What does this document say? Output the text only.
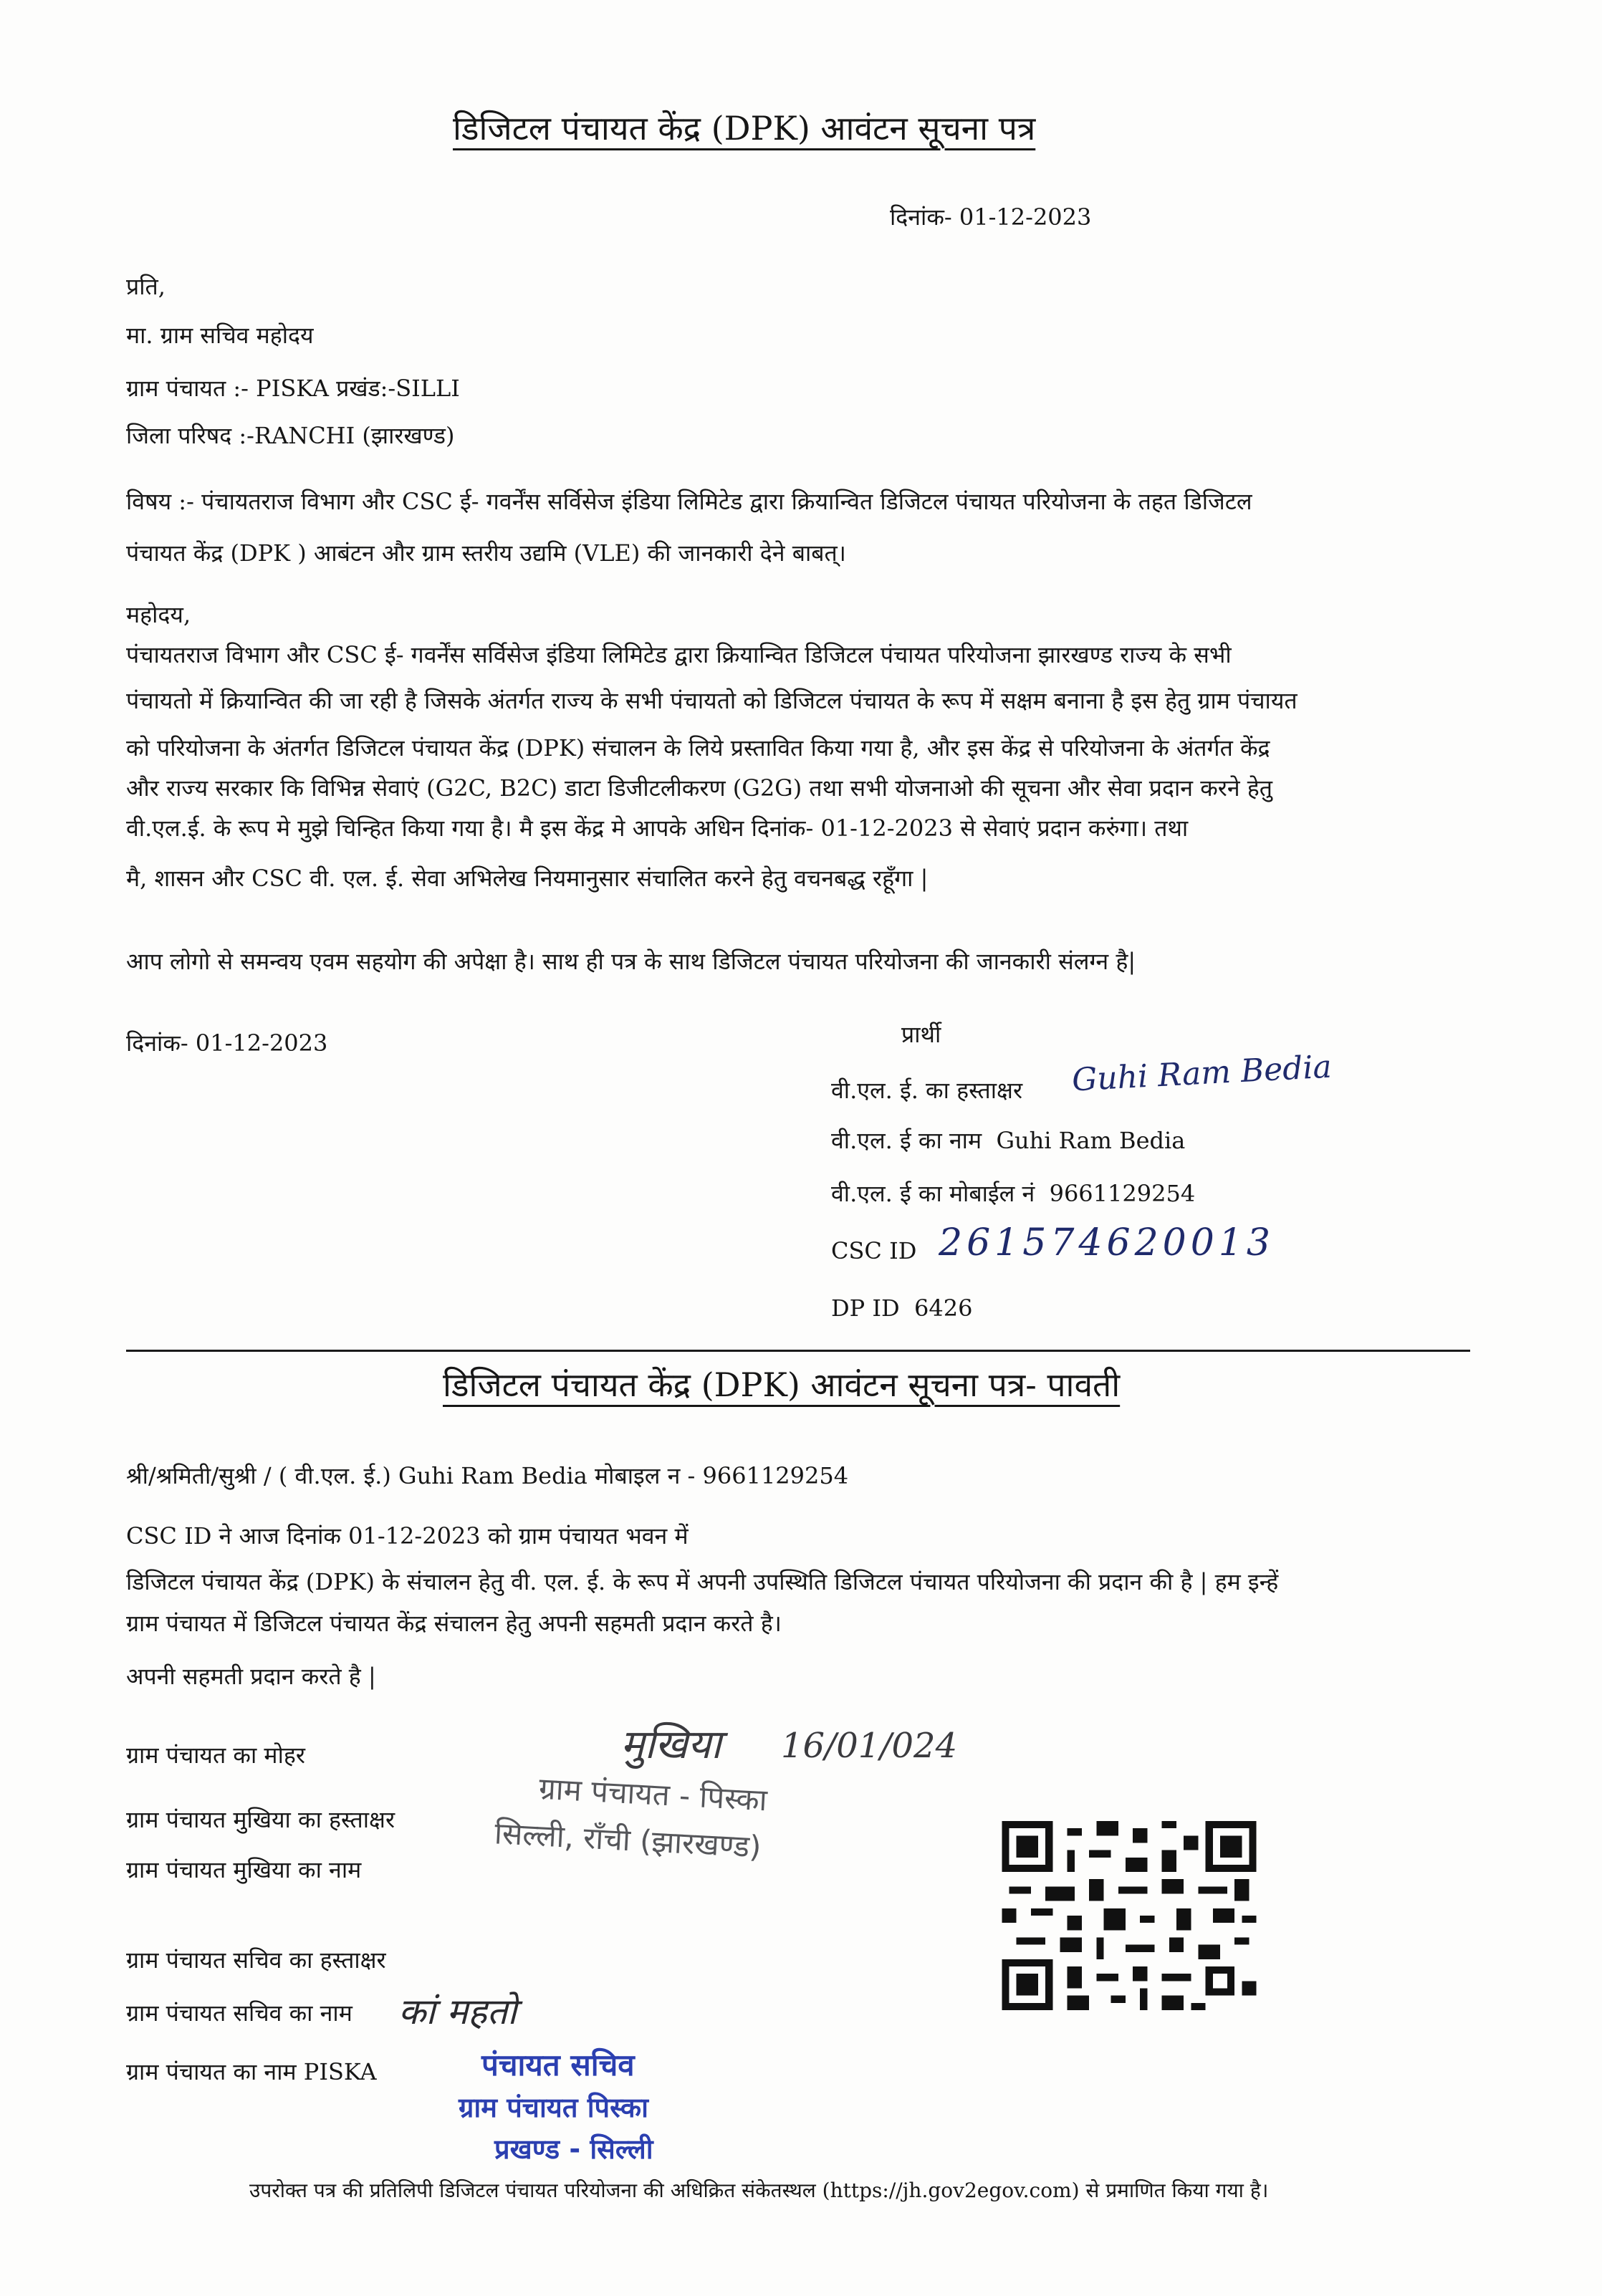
डिजिटल पंचायत केंद्र (DPK) आवंटन सूचना पत्र
दिनांक- 01-12-2023
प्रति,
मा. ग्राम सचिव महोदय
ग्राम पंचायत :- PISKA प्रखंड:-SILLI
जिला परिषद :-RANCHI (झारखण्ड)
विषय :- पंचायतराज विभाग और CSC ई- गवर्नेंस सर्विसेज इंडिया लिमिटेड द्वारा क्रियान्वित डिजिटल पंचायत परियोजना के तहत डिजिटल
पंचायत केंद्र (DPK ) आबंटन और ग्राम स्तरीय उद्यमि (VLE) की जानकारी देने बाबत्।
महोदय,
पंचायतराज विभाग और CSC ई- गवर्नेंस सर्विसेज इंडिया लिमिटेड द्वारा क्रियान्वित डिजिटल पंचायत परियोजना झारखण्ड राज्य के सभी
पंचायतो में क्रियान्वित की जा रही है जिसके अंतर्गत राज्य के सभी पंचायतो को डिजिटल पंचायत के रूप में सक्षम बनाना है इस हेतु ग्राम पंचायत
को परियोजना के अंतर्गत डिजिटल पंचायत केंद्र (DPK) संचालन के लिये प्रस्तावित किया गया है, और इस केंद्र से परियोजना के अंतर्गत केंद्र
और राज्य सरकार कि विभिन्न सेवाएं (G2C, B2C) डाटा डिजीटलीकरण (G2G) तथा सभी योजनाओ की सूचना और सेवा प्रदान करने हेतु
वी.एल.ई. के रूप मे मुझे चिन्हित किया गया है। मै इस केंद्र मे आपके अधिन दिनांक- 01-12-2023 से सेवाएं प्रदान करुंगा। तथा
मै, शासन और CSC वी. एल. ई. सेवा अभिलेख नियमानुसार संचालित करने हेतु वचनबद्ध रहूँगा |
आप लोगो से समन्वय एवम सहयोग की अपेक्षा है। साथ ही पत्र के साथ डिजिटल पंचायत परियोजना की जानकारी संलग्न है|
दिनांक- 01-12-2023	प्रार्थी
वी.एल. ई. का हस्ताक्षर Guhi Ram Bedia
वी.एल. ई का नाम Guhi Ram Bedia
वी.एल. ई का मोबाईल नं 9661129254
CSC ID 261574620013
DP ID 6426
डिजिटल पंचायत केंद्र (DPK) आवंटन सूचना पत्र- पावती
श्री/श्रमिती/सुश्री / ( वी.एल. ई.) Guhi Ram Bedia मोबाइल न - 9661129254
CSC ID ने आज दिनांक 01-12-2023 को ग्राम पंचायत भवन में
डिजिटल पंचायत केंद्र (DPK) के संचालन हेतु वी. एल. ई. के रूप में अपनी उपस्थिति डिजिटल पंचायत परियोजना की प्रदान की है | हम इन्हें
ग्राम पंचायत में डिजिटल पंचायत केंद्र संचालन हेतु अपनी सहमती प्रदान करते है।
अपनी सहमती प्रदान करते है |
ग्राम पंचायत का मोहर
ग्राम पंचायत मुखिया का हस्ताक्षर
ग्राम पंचायत मुखिया का नाम
ग्राम पंचायत सचिव का हस्ताक्षर
ग्राम पंचायत सचिव का नाम
ग्राम पंचायत का नाम PISKA
मुखिया 16/01/024
ग्राम पंचायत - पिस्का
सिल्ली, राँची (झारखण्ड)
कां महतो
पंचायत सचिव
ग्राम पंचायत पिस्का
प्रखण्ड - सिल्ली
उपरोक्त पत्र की प्रतिलिपी डिजिटल पंचायत परियोजना की अधिक्रित संकेतस्थल (https://jh.gov2egov.com) से प्रमाणित किया गया है।
